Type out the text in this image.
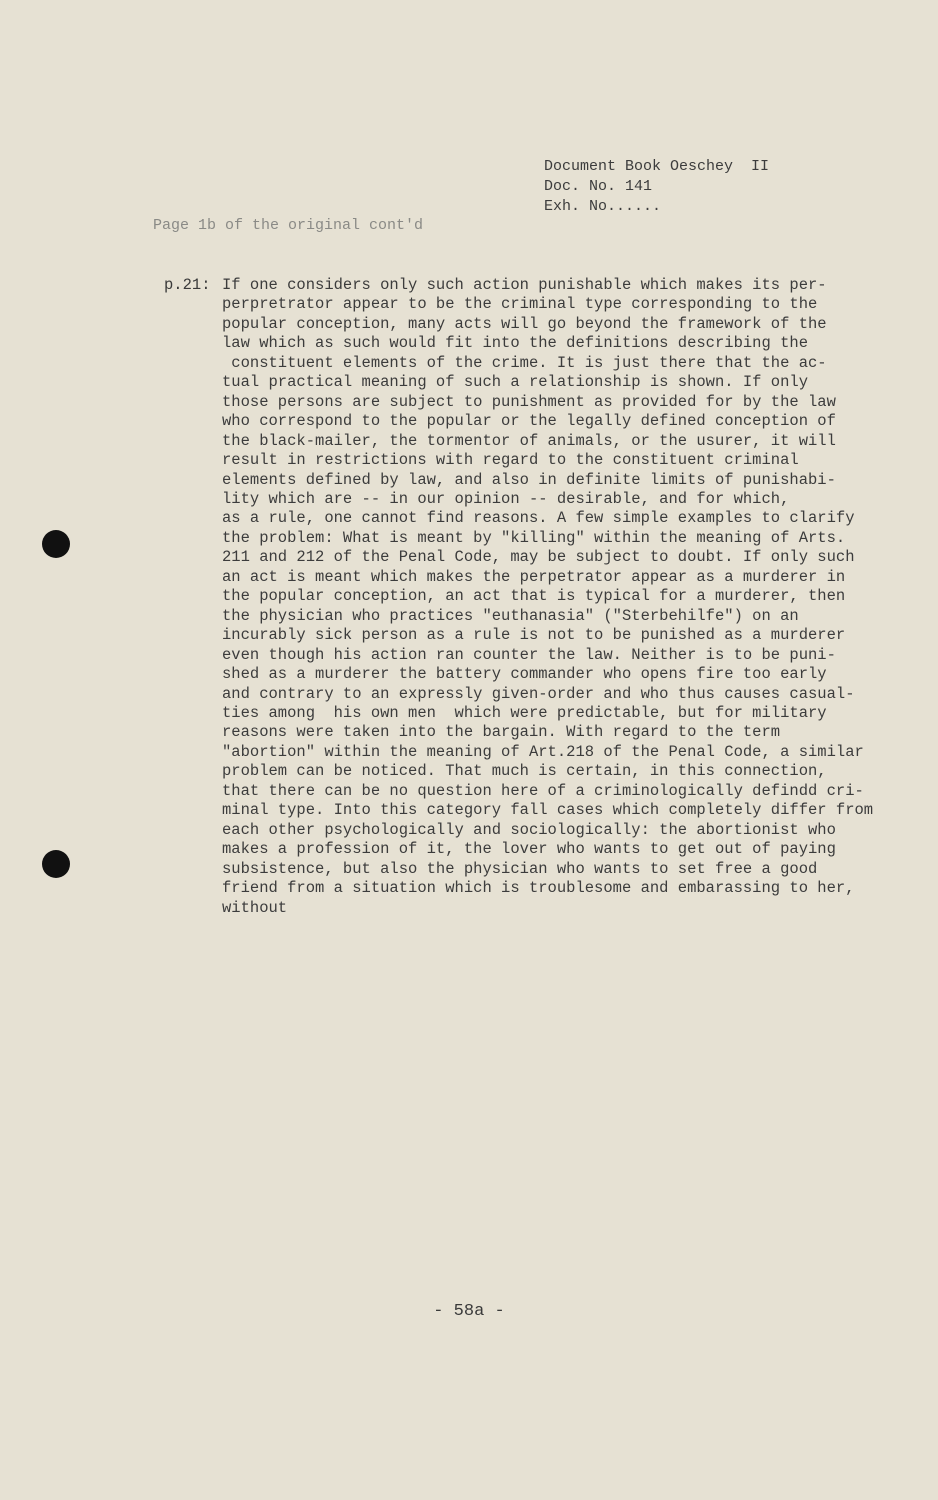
Document Book Oeschey  II
Doc. No. 141
Exh. No......
Page 1b of the original cont'd
p.21: If one considers only such action punishable which makes its per-
perpretrator appear to be the criminal type corresponding to the
popular conception, many acts will go beyond the framework of the
law which as such would fit into the definitions describing the
constituent elements of the crime. It is just there that the ac-
tual practical meaning of such a relationship is shown. If only
those persons are subject to punishment as provided for by the law
who correspond to the popular or the legally defined conception of
the black-mailer, the tormentor of animals, or the usurer, it will
result in restrictions with regard to the constituent criminal
elements defined by law, and also in definite limits of punishabi-
lity which are -- in our opinion -- desirable, and for which,
as a rule, one cannot find reasons. A few simple examples to clarify
the problem: What is meant by "killing" within the meaning of Arts.
211 and 212 of the Penal Code, may be subject to doubt. If only such
an act is meant which makes the perpetrator appear as a murderer in
the popular conception, an act that is typical for a murderer, then
the physician who practices "euthanasia" ("Sterbehilfe") on an
incurably sick person as a rule is not to be punished as a murderer
even though his action ran counter the law. Neither is to be puni-
shed as a murderer the battery commander who opens fire too early
and contrary to an expressly given-order and who thus causes casual-
ties among  his own men  which were predictable, but for military
reasons were taken into the bargain. With regard to the term
"abortion" within the meaning of Art.218 of the Penal Code, a similar
problem can be noticed. That much is certain, in this connection,
that there can be no question here of a criminologically defindd cri-
minal type. Into this category fall cases which completely differ from
each other psychologically and sociologically: the abortionist who
makes a profession of it, the lover who wants to get out of paying
subsistence, but also the physician who wants to set free a good
friend from a situation which is troublesome and embarassing to her,
without
- 58a -
